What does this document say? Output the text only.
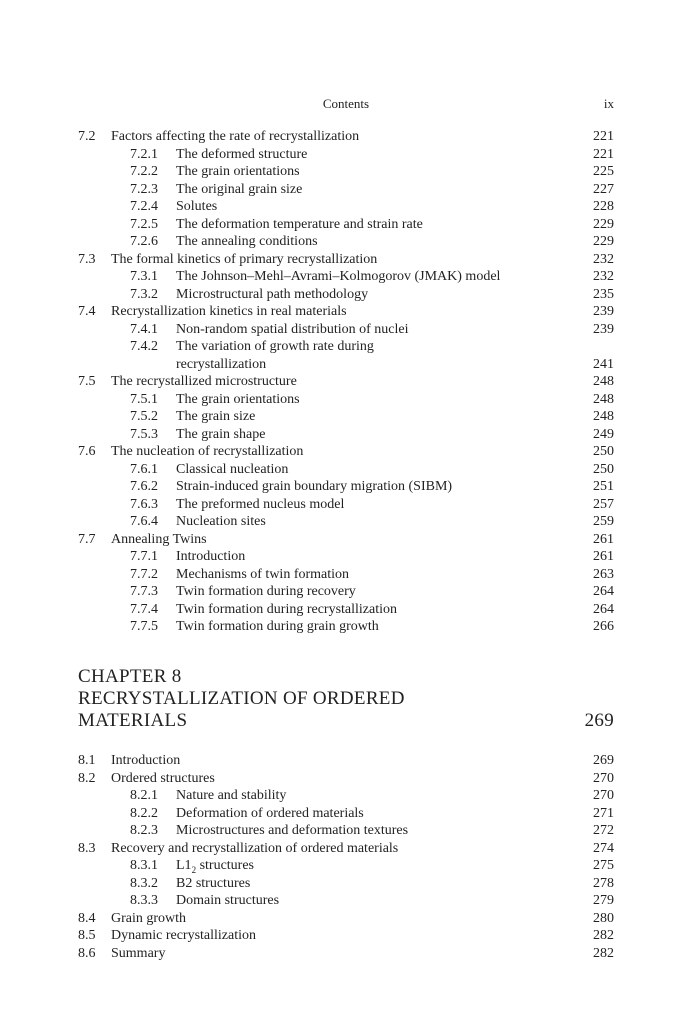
Contents	ix
7.2 Factors affecting the rate of recrystallization	221
7.2.1 The deformed structure	221
7.2.2 The grain orientations	225
7.2.3 The original grain size	227
7.2.4 Solutes	228
7.2.5 The deformation temperature and strain rate	229
7.2.6 The annealing conditions	229
7.3 The formal kinetics of primary recrystallization	232
7.3.1 The Johnson–Mehl–Avrami–Kolmogorov (JMAK) model	232
7.3.2 Microstructural path methodology	235
7.4 Recrystallization kinetics in real materials	239
7.4.1 Non-random spatial distribution of nuclei	239
7.4.2 The variation of growth rate during
recrystallization	241
7.5 The recrystallized microstructure	248
7.5.1 The grain orientations	248
7.5.2 The grain size	248
7.5.3 The grain shape	249
7.6 The nucleation of recrystallization	250
7.6.1 Classical nucleation	250
7.6.2 Strain-induced grain boundary migration (SIBM)	251
7.6.3 The preformed nucleus model	257
7.6.4 Nucleation sites	259
7.7 Annealing Twins	261
7.7.1 Introduction	261
7.7.2 Mechanisms of twin formation	263
7.7.3 Twin formation during recovery	264
7.7.4 Twin formation during recrystallization	264
7.7.5 Twin formation during grain growth	266
CHAPTER 8
RECRYSTALLIZATION OF ORDERED
MATERIALS	269
8.1 Introduction	269
8.2 Ordered structures	270
8.2.1 Nature and stability	270
8.2.2 Deformation of ordered materials	271
8.2.3 Microstructures and deformation textures	272
8.3 Recovery and recrystallization of ordered materials	274
8.3.1 $L1_2$ structures	275
8.3.2 B2 structures	278
8.3.3 Domain structures	279
8.4 Grain growth	280
8.5 Dynamic recrystallization	282
8.6 Summary	282
